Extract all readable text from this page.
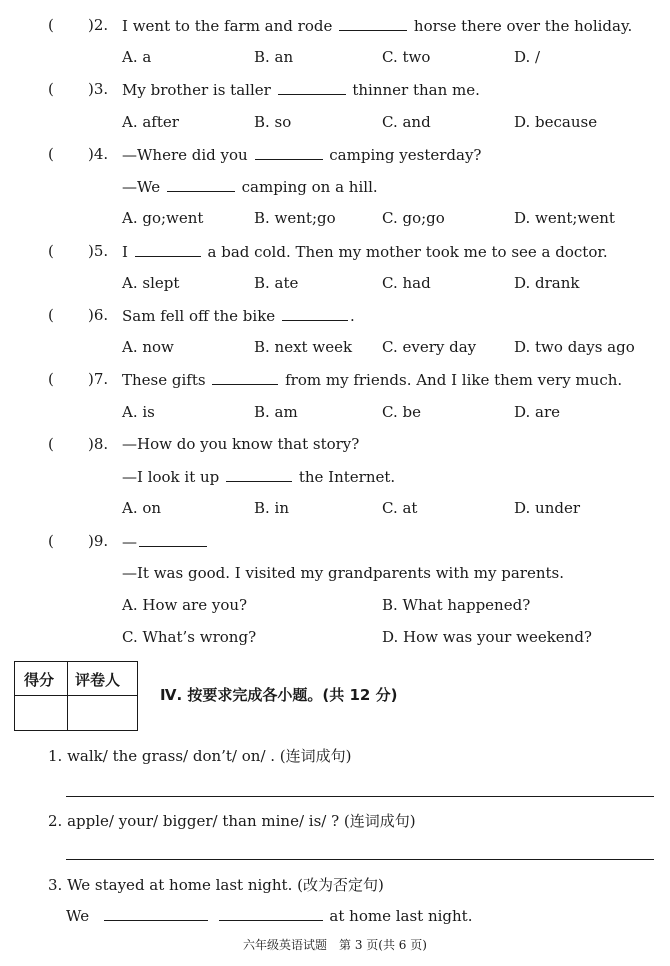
( )2. I went to the farm and rode	horse there over the holiday.
A. a	B. an	C. two	D. /
( )3. My brother is taller	thinner than me.
A. after	B. so	C. and	D. because
( )4. —Where did you	camping yesterday?
—We	camping on a hill.
A. go;went	B. went;go	C. go;go	D. went;went
( )5. I	a bad cold. Then my mother took me to see a doctor.
A. slept	B. ate	C. had	D. drank
( )6. Sam fell off the bike	.
A. now	B. next week C. every day	D. two days ago
( )7. These gifts	from my friends. And I like them very much.
A. is	B. am	C. be	D. are
( )8. —How do you know that story?
—I look it up	the Internet.
A. on	B. in	C. at	D. under
( )9. —
—It was good. I visited my grandparents with my parents.
A. How are you?	B. What happened?
C. What’s wrong?	D. How was your weekend?
得分 评卷人
Ⅳ. 按要求完成各小题。(共 12 分)
1. walk/ the grass/ don’t/ on/ . (连词成句)
2. apple/ your/ bigger/ than mine/ is/ ? (连词成句)
3. We stayed at home last night. (改为否定句)
We	at home last night.
六年级英语试题　第 3 页(共 6 页)
